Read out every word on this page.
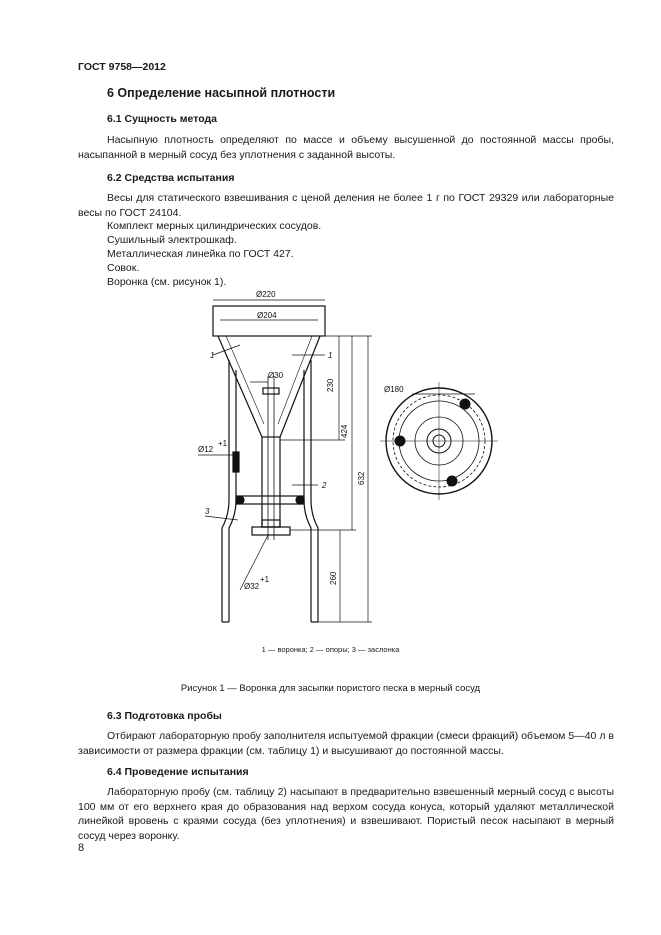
ГОСТ 9758—2012
6 Определение насыпной плотности
6.1 Сущность метода
Насыпную плотность определяют по массе и объему высушенной до постоянной массы пробы, насыпанной в мерный сосуд без уплотнения с заданной высоты.
6.2 Средства испытания
Весы для статического взвешивания с ценой деления не более 1 г по ГОСТ 29329 или лабораторные весы по ГОСТ 24104.
Комплект мерных цилиндрических сосудов.
Сушильный электрошкаф.
Металлическая линейка по ГОСТ 427.
Совок.
Воронка (см. рисунок 1).
Ø220
Ø204
Ø30
Ø12
+1
Ø32
+1
Ø180
230
424
632
260
1	1
2
3
1 — воронка; 2 — опоры; 3 — заслонка
Рисунок 1 — Воронка для засыпки пористого песка в мерный сосуд
6.3 Подготовка пробы
Отбирают лабораторную пробу заполнителя испытуемой фракции (смеси фракций) объемом 5—40 л в зависимости от размера фракции (см. таблицу 1) и высушивают до постоянной массы.
6.4 Проведение испытания
Лабораторную пробу (см. таблицу 2) насыпают в предварительно взвешенный мерный сосуд с высоты 100 мм от его верхнего края до образования над верхом сосуда конуса, который удаляют металлической линейкой вровень с краями сосуда (без уплотнения) и взвешивают. Пористый песок насыпают в мерный сосуд через воронку.
8
